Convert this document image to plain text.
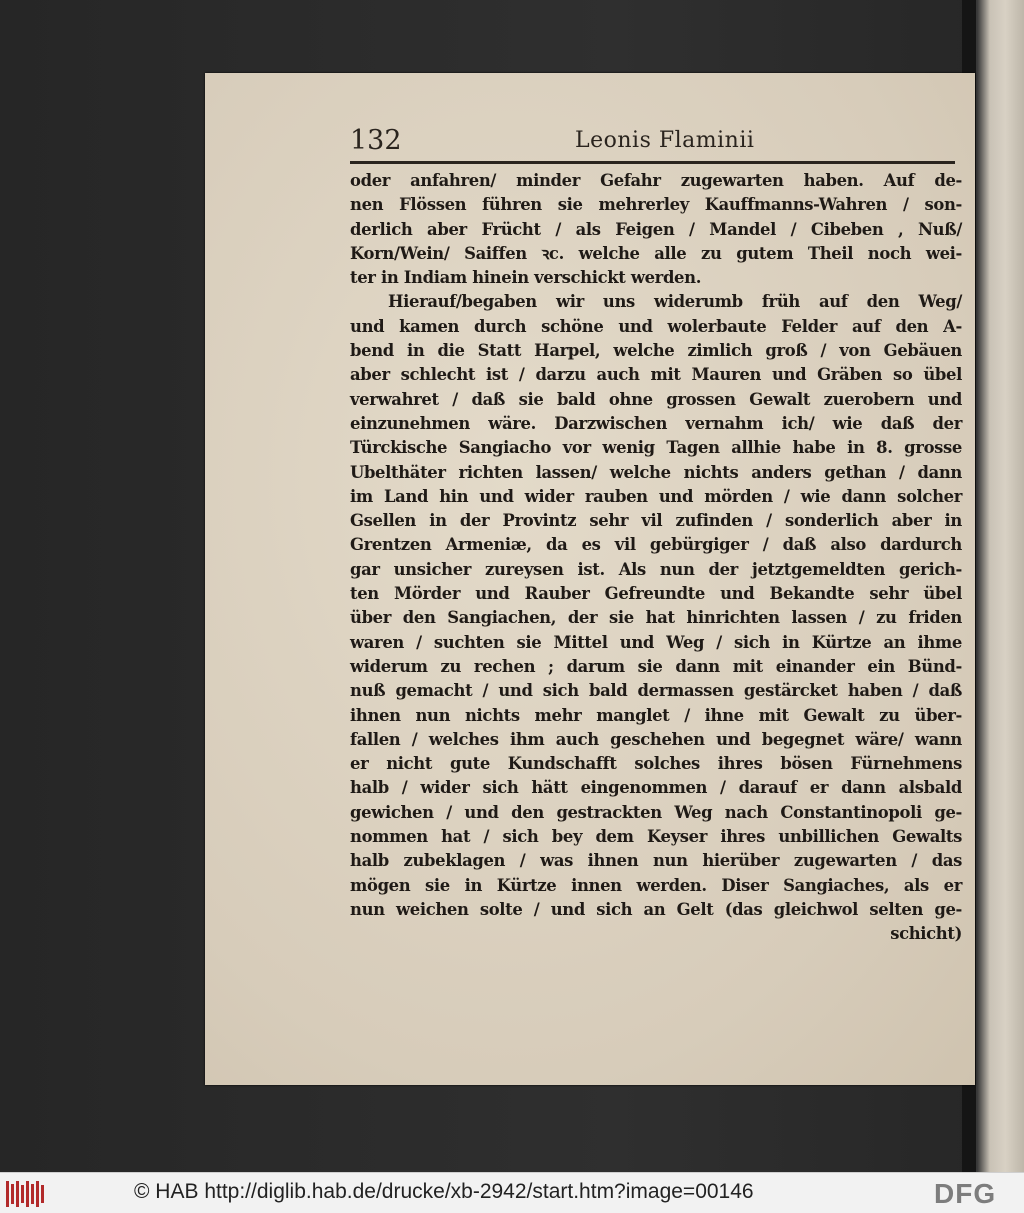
132	Leonis Flaminii
oder anfahren/ minder Gefahr zugewarten haben. Auf de-
nen Flössen führen sie mehrerley Kauffmanns-Wahren / son-
derlich aber Frücht / als Feigen / Mandel / Cibeben , Nuß/
Korn/Wein/ Saiffen ꝛc. welche alle zu gutem Theil noch wei-
ter in Indiam hinein verschickt werden.
Hierauf/begaben wir uns widerumb früh auf den Weg/
und kamen durch schöne und wolerbaute Felder auf den A-
bend in die Statt Harpel, welche zimlich groß / von Gebäuen
aber schlecht ist / darzu auch mit Mauren und Gräben so übel
verwahret / daß sie bald ohne grossen Gewalt zuerobern und
einzunehmen wäre. Darzwischen vernahm ich/ wie daß der
Türckische Sangiacho vor wenig Tagen allhie habe in 8. grosse
Ubelthäter richten lassen/ welche nichts anders gethan / dann
im Land hin und wider rauben und mörden / wie dann solcher
Gsellen in der Provintz sehr vil zufinden / sonderlich aber in
Grentzen Armeniæ, da es vil gebürgiger / daß also dardurch
gar unsicher zureysen ist. Als nun der jetztgemeldten gerich-
ten Mörder und Rauber Gefreundte und Bekandte sehr übel
über den Sangiachen, der sie hat hinrichten lassen / zu friden
waren / suchten sie Mittel und Weg / sich in Kürtze an ihme
widerum zu rechen ; darum sie dann mit einander ein Bünd-
nuß gemacht / und sich bald dermassen gestärcket haben / daß
ihnen nun nichts mehr manglet / ihne mit Gewalt zu über-
fallen / welches ihm auch geschehen und begegnet wäre/ wann
er nicht gute Kundschafft solches ihres bösen Fürnehmens
halb / wider sich hätt eingenommen / darauf er dann alsbald
gewichen / und den gestrackten Weg nach Constantinopoli ge-
nommen hat / sich bey dem Keyser ihres unbillichen Gewalts
halb zubeklagen / was ihnen nun hierüber zugewarten / das
mögen sie in Kürtze innen werden. Diser Sangiaches, als er
nun weichen solte / und sich an Gelt (das gleichwol selten ge-
schicht)
© HAB http://diglib.hab.de/drucke/xb-2942/start.htm?image=00146	DFG
